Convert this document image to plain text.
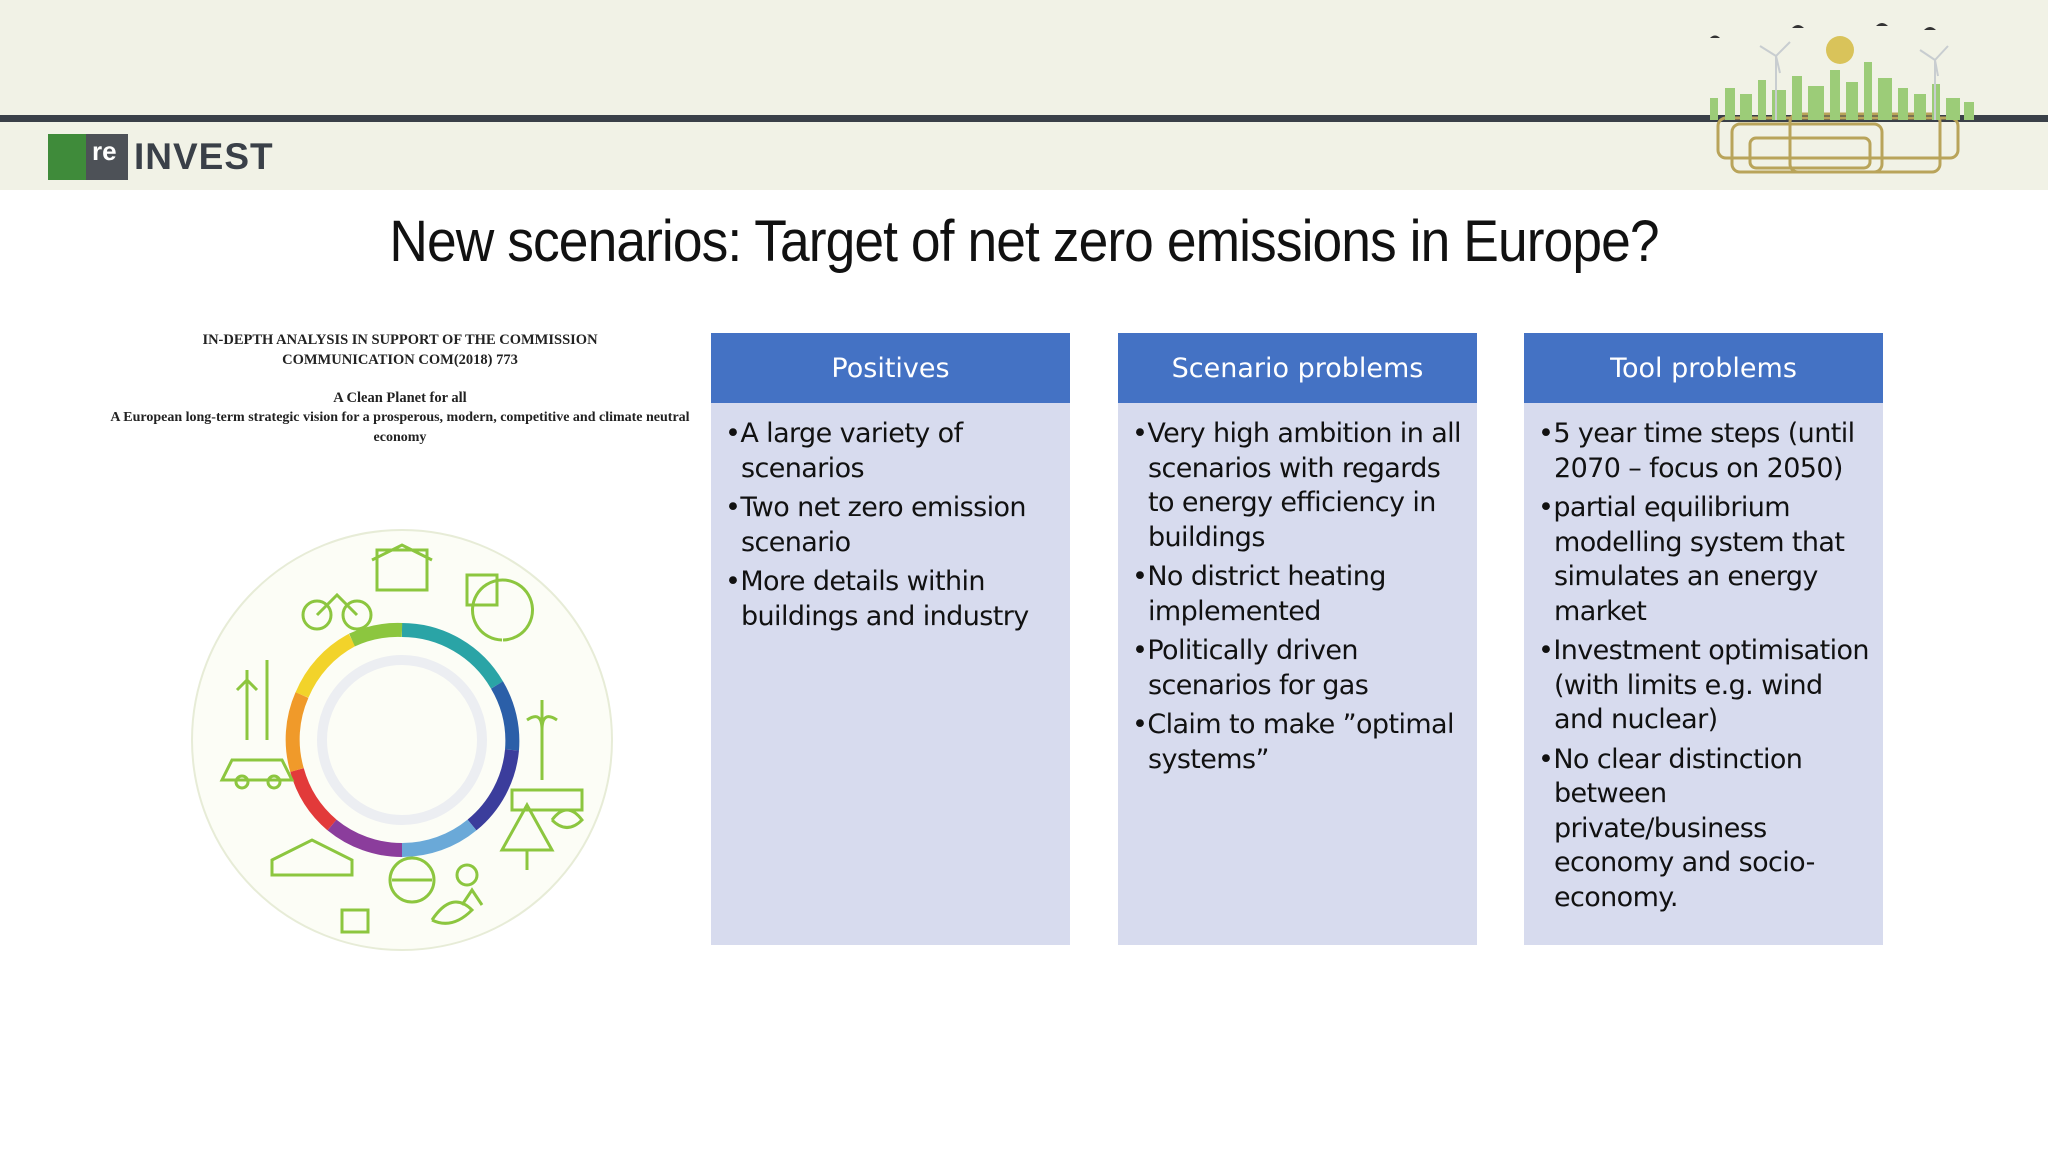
re INVEST
New scenarios: Target of net zero emissions in Europe?
IN-DEPTH ANALYSIS IN SUPPORT OF THE COMMISSION
COMMUNICATION COM(2018) 773
A Clean Planet for all
A European long-term strategic vision for a prosperous, modern, competitive and climate neutral economy
Positives
• A large variety of scenarios
• Two net zero emission scenario
• More details within buildings and industry
Scenario problems
• Very high ambition in all scenarios with regards to energy efficiency in buildings
• No district heating implemented
• Politically driven scenarios for gas
• Claim to make ”optimal systems”
Tool problems
• 5 year time steps (until 2070 – focus on 2050)
• partial equilibrium modelling system that simulates an energy market
• Investment optimisation (with limits e.g. wind and nuclear)
• No clear distinction between private/business economy and socio-economy.
